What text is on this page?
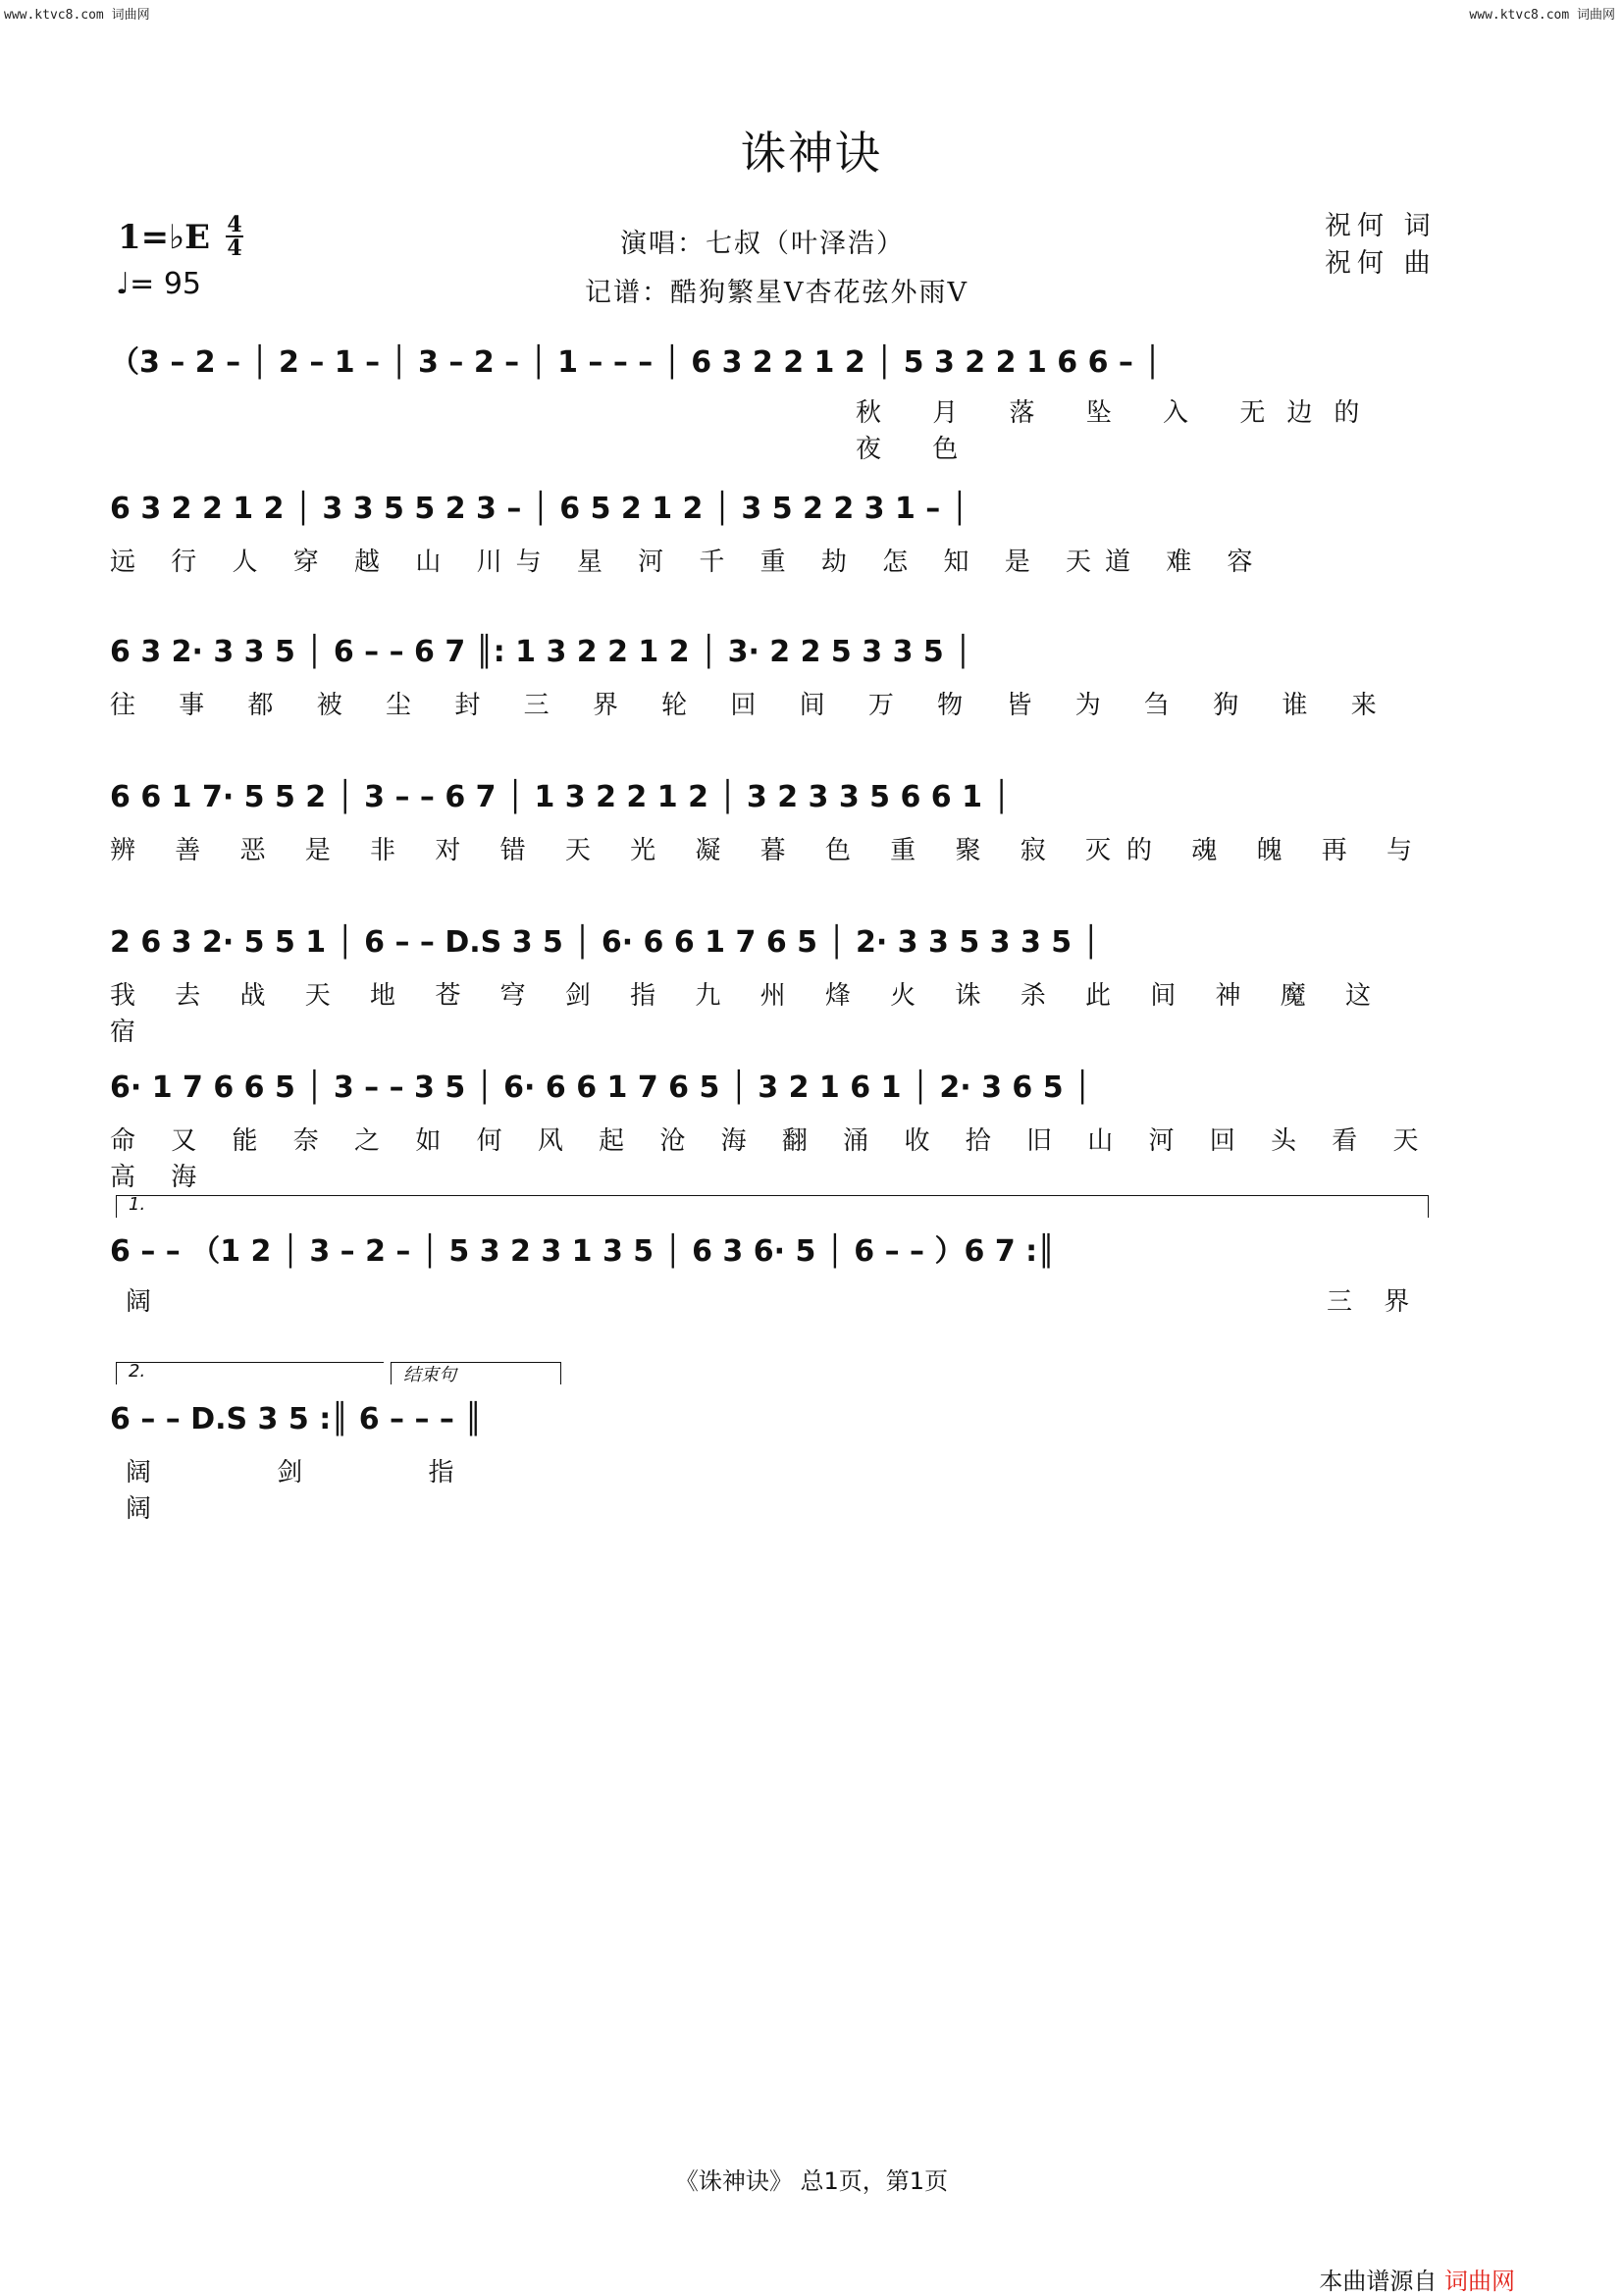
www.ktvc8.com 词曲网	www.ktvc8.com 词曲网
诛神诀
1=♭E 4
4
♩= 95
演唱：七叔（叶泽浩）
记谱：酷狗繁星V杏花弦外雨V
祝何 词
祝何 曲
（3 – 2 – │ 2 – 1 – │ 3 – 2 – │ 1 – – – │ 6 3 2 2 1 2 │ 5 3 2 2 1 6 6 – │
秋 月 落 坠 入 无边的 夜 色
6 3 2 2 1 2 │ 3 3 5 5 2 3 – │ 6 5 2 1 2 │ 3 5 2 2 3 1 – │
远 行 人 穿 越 山 川与 星 河 千 重 劫 怎 知 是 天道 难 容
6 3 2· 3 3 5 │ 6 – – 6 7 ║: 1 3 2 2 1 2 │ 3· 2 2 5 3 3 5 │
往 事 都 被 尘 封 三 界 轮 回 间 万 物 皆 为 刍 狗 谁 来
6 6 1 7· 5 5 2 │ 3 – – 6 7 │ 1 3 2 2 1 2 │ 3 2 3 3 5 6 6 1 │
辨 善 恶 是 非 对 错 天 光 凝 暮 色 重 聚 寂 灭的 魂 魄 再 与
2 6 3 2· 5 5 1 │ 6 – – D.S 3 5 │ 6· 6 6 1 7 6 5 │ 2· 3 3 5 3 3 5 │
我 去 战 天 地 苍 穹 剑 指 九 州 烽 火 诛 杀 此 间 神 魔 这 宿
6· 1 7 6 6 5 │ 3 – – 3 5 │ 6· 6 6 1 7 6 5 │ 3 2 1 6 1 │ 2· 3 6 5 │
命 又 能 奈 之 如 何 风 起 沧 海 翻 涌 收 拾 旧 山 河 回 头 看 天 高 海
1.
6 – – （1 2 │ 3 – 2 – │ 5 3 2 3 1 3 5 │ 6 3 6· 5 │ 6 – – ）6 7 :║
阔	三 界
2.	结束句
6 – – D.S 3 5 :║ 6 – – – ║
阔 剑 指 阔
《诛神诀》 总1页，第1页
本曲谱源自 词曲网
